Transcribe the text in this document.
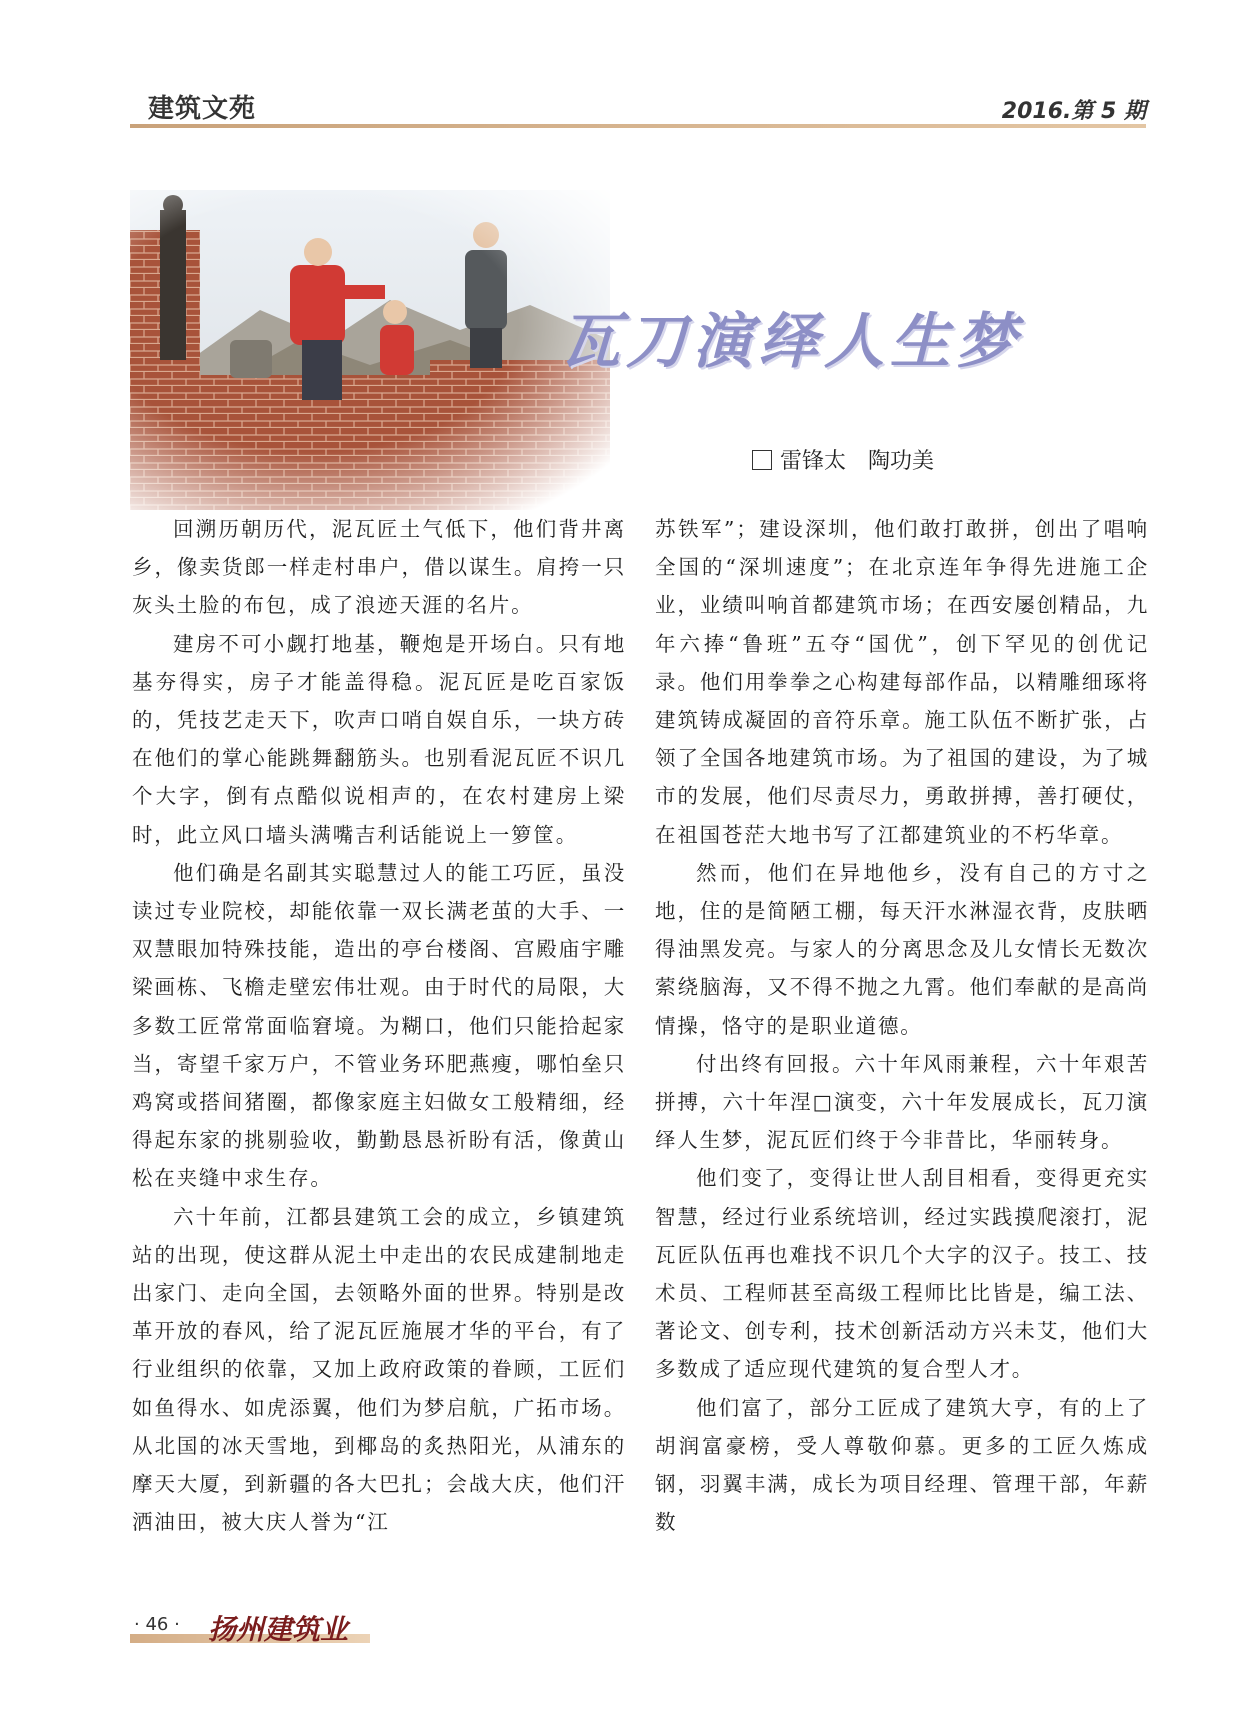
建筑文苑	2016.第 5 期
瓦刀演绎人生梦
雷锋太 陶功美

回溯历朝历代，泥瓦匠土气低下，他们背井离乡，像卖货郎一样走村串户，借以谋生。肩挎一只灰头土脸的布包，成了浪迹天涯的名片。

建房不可小觑打地基，鞭炮是开场白。只有地基夯得实，房子才能盖得稳。泥瓦匠是吃百家饭的，凭技艺走天下，吹声口哨自娱自乐，一块方砖在他们的掌心能跳舞翻筋头。也别看泥瓦匠不识几个大字，倒有点酷似说相声的，在农村建房上梁时，此立风口墙头满嘴吉利话能说上一箩筐。

他们确是名副其实聪慧过人的能工巧匠，虽没读过专业院校，却能依靠一双长满老茧的大手、一双慧眼加特殊技能，造出的亭台楼阁、宫殿庙宇雕梁画栋、飞檐走壁宏伟壮观。由于时代的局限，大多数工匠常常面临窘境。为糊口，他们只能拾起家当，寄望千家万户，不管业务环肥燕瘦，哪怕垒只鸡窝或搭间猪圈，都像家庭主妇做女工般精细，经得起东家的挑剔验收，勤勤恳恳祈盼有活，像黄山松在夹缝中求生存。

六十年前，江都县建筑工会的成立，乡镇建筑站的出现，使这群从泥土中走出的农民成建制地走出家门、走向全国，去领略外面的世界。特别是改革开放的春风，给了泥瓦匠施展才华的平台，有了行业组织的依靠，又加上政府政策的眷顾，工匠们如鱼得水、如虎添翼，他们为梦启航，广拓市场。从北国的冰天雪地，到椰岛的炙热阳光，从浦东的摩天大厦，到新疆的各大巴扎；会战大庆，他们汗洒油田，被大庆人誉为“江

苏铁军”；建设深圳，他们敢打敢拼，创出了唱响全国的“深圳速度”；在北京连年争得先进施工企业，业绩叫响首都建筑市场；在西安屡创精品，九年六捧“鲁班”五夺“国优”，创下罕见的创优记录。他们用拳拳之心构建每部作品，以精雕细琢将建筑铸成凝固的音符乐章。施工队伍不断扩张，占领了全国各地建筑市场。为了祖国的建设，为了城市的发展，他们尽责尽力，勇敢拼搏，善打硬仗，在祖国苍茫大地书写了江都建筑业的不朽华章。

然而，他们在异地他乡，没有自己的方寸之地，住的是简陋工棚，每天汗水淋湿衣背，皮肤晒得油黑发亮。与家人的分离思念及儿女情长无数次萦绕脑海，又不得不抛之九霄。他们奉献的是高尚情操，恪守的是职业道德。

付出终有回报。六十年风雨兼程，六十年艰苦拼搏，六十年涅□演变，六十年发展成长，瓦刀演绎人生梦，泥瓦匠们终于今非昔比，华丽转身。

他们变了，变得让世人刮目相看，变得更充实智慧，经过行业系统培训，经过实践摸爬滚打，泥瓦匠队伍再也难找不识几个大字的汉子。技工、技术员、工程师甚至高级工程师比比皆是，编工法、著论文、创专利，技术创新活动方兴未艾，他们大多数成了适应现代建筑的复合型人才。

他们富了，部分工匠成了建筑大亨，有的上了胡润富豪榜，受人尊敬仰慕。更多的工匠久炼成钢，羽翼丰满，成长为项目经理、管理干部，年薪数

· 46 · 扬州建筑业
